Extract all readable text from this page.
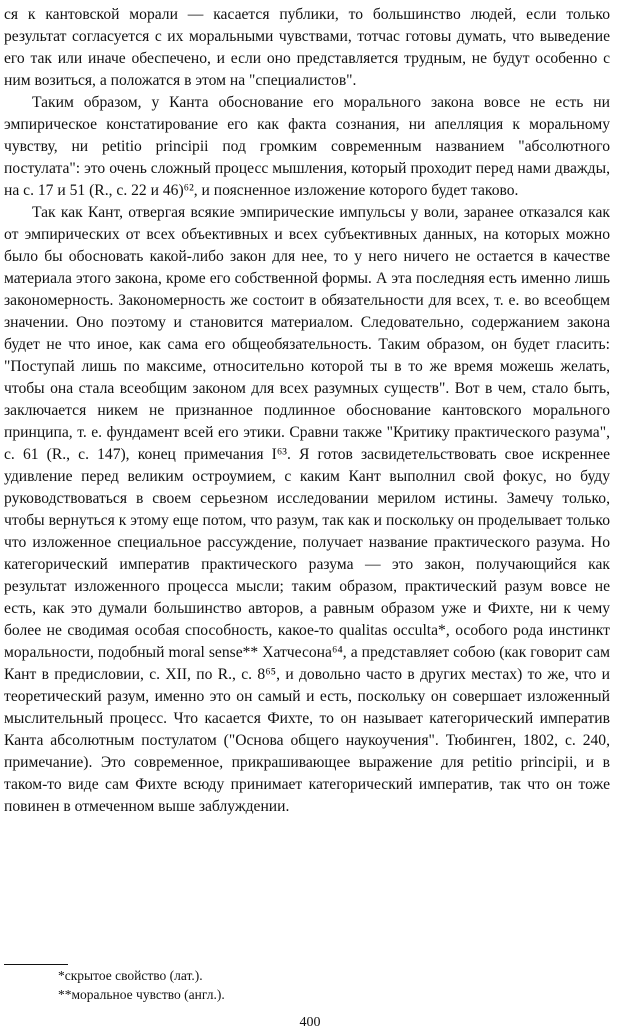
ся к кантовской морали — касается публики, то большинство людей, если только результат согласуется с их моральными чувствами, тотчас готовы думать, что выведение его так или иначе обеспечено, и если оно представляется трудным, не будут особенно с ним возиться, а положатся в этом на "специалистов".

Таким образом, у Канта обоснование его морального закона вовсе не есть ни эмпирическое констатирование его как факта сознания, ни апелляция к моральному чувству, ни petitio principii под громким современным названием "абсолютного постулата": это очень сложный процесс мышления, который проходит перед нами дважды, на с. 17 и 51 (R., с. 22 и 46)⁶², и поясненное изложение которого будет таково.

Так как Кант, отвергая всякие эмпирические импульсы у воли, заранее отказался как от эмпирических от всех объективных и всех субъективных данных, на которых можно было бы обосновать какой-либо закон для нее, то у него ничего не остается в качестве материала этого закона, кроме его собственной формы. А эта последняя есть именно лишь закономерность. Закономерность же состоит в обязательности для всех, т. е. во всеобщем значении. Оно поэтому и становится материалом. Следовательно, содержанием закона будет не что иное, как сама его общеобязательность. Таким образом, он будет гласить: "Поступай лишь по максиме, относительно которой ты в то же время можешь желать, чтобы она стала всеобщим законом для всех разумных существ". Вот в чем, стало быть, заключается никем не признанное подлинное обоснование кантовского морального принципа, т. е. фундамент всей его этики. Сравни также "Критику практического разума", с. 61 (R., с. 147), конец примечания I⁶³. Я готов засвидетельствовать свое искреннее удивление перед великим остроумием, с каким Кант выполнил свой фокус, но буду руководствоваться в своем серьезном исследовании мерилом истины. Замечу только, чтобы вернуться к этому еще потом, что разум, так как и поскольку он проделывает только что изложенное специальное рассуждение, получает название практического разума. Но категорический императив практического разума — это закон, получающийся как результат изложенного процесса мысли; таким образом, практический разум вовсе не есть, как это думали большинство авторов, а равным образом уже и Фихте, ни к чему более не сводимая особая способность, какое-то qualitas occulta*, особого рода инстинкт моральности, подобный moral sense** Хатчесона⁶⁴, а представляет собою (как говорит сам Кант в предисловии, с. XII, по R., с. 8⁶⁵, и довольно часто в других местах) то же, что и теоретический разум, именно это он самый и есть, поскольку он совершает изложенный мыслительный процесс. Что касается Фихте, то он называет категорический императив Канта абсолютным постулатом ("Основа общего наукоучения". Тюбинген, 1802, с. 240, примечание). Это современное, прикрашивающее выражение для petitio principii, и в таком-то виде сам Фихте всюду принимает категорический императив, так что он тоже повинен в отмеченном выше заблуждении.

*скрытое свойство (лат.).
**моральное чувство (англ.).
400
